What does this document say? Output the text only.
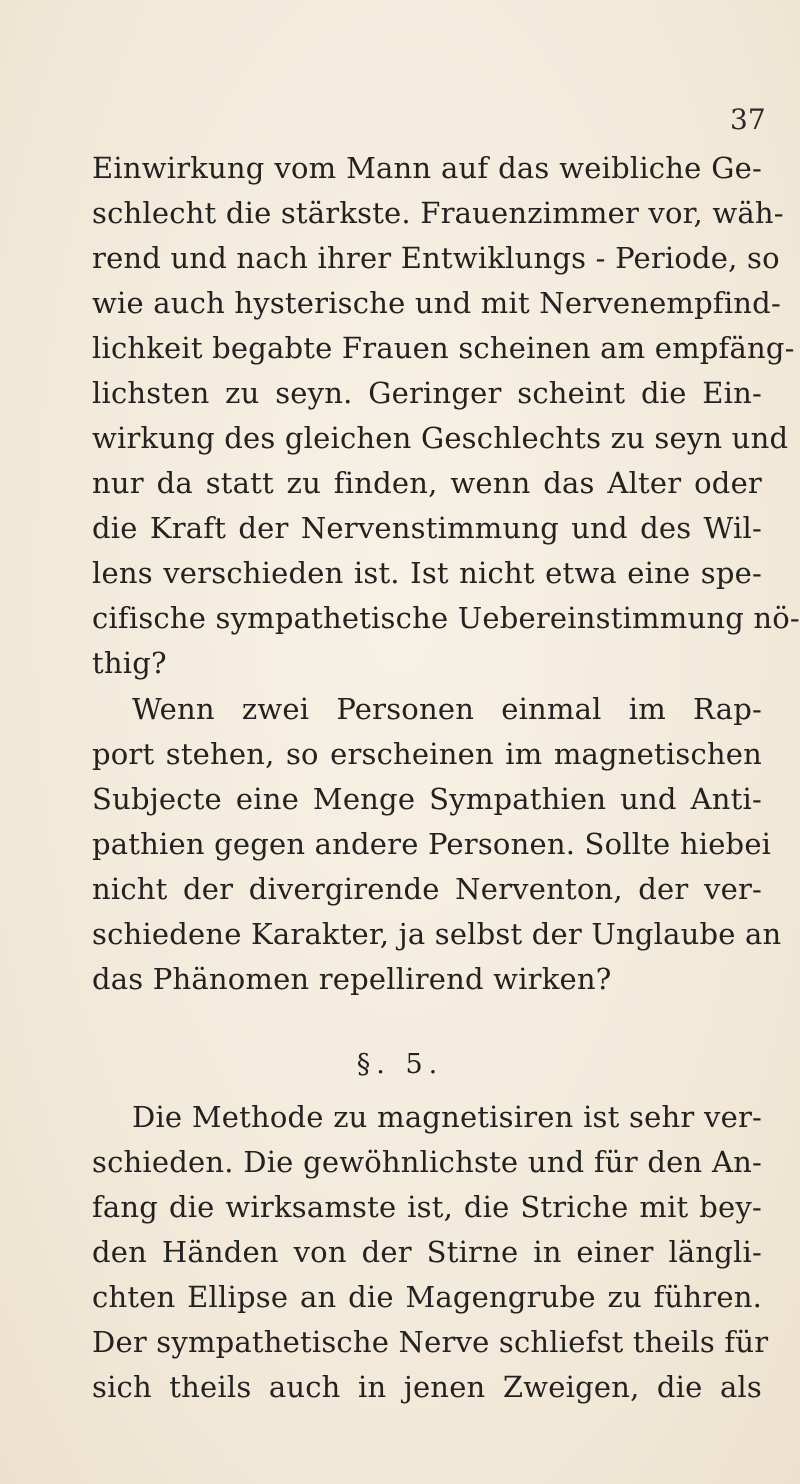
37
Einwirkung vom Mann auf das weibliche Ge-
schlecht die stärkste. Frauenzimmer vor, wäh-
rend und nach ihrer Entwiklungs - Periode, so
wie auch hysterische und mit Nervenempfind-
lichkeit begabte Frauen scheinen am empfäng-
lichsten zu seyn. Geringer scheint die Ein-
wirkung des gleichen Geschlechts zu seyn und
nur da statt zu finden, wenn das Alter oder
die Kraft der Nervenstimmung und des Wil-
lens verschieden ist. Ist nicht etwa eine spe-
cifische sympathetische Uebereinstimmung nö-
thig?
Wenn zwei Personen einmal im Rap-
port stehen, so erscheinen im magnetischen
Subjecte eine Menge Sympathien und Anti-
pathien gegen andere Personen. Sollte hiebei
nicht der divergirende Nerventon, der ver-
schiedene Karakter, ja selbst der Unglaube an
das Phänomen repellirend wirken?
§. 5.
Die Methode zu magnetisiren ist sehr ver-
schieden. Die gewöhnlichste und für den An-
fang die wirksamste ist, die Striche mit bey-
den Händen von der Stirne in einer längli-
chten Ellipse an die Magengrube zu führen.
Der sympathetische Nerve schliefst theils für
sich theils auch in jenen Zweigen, die als
